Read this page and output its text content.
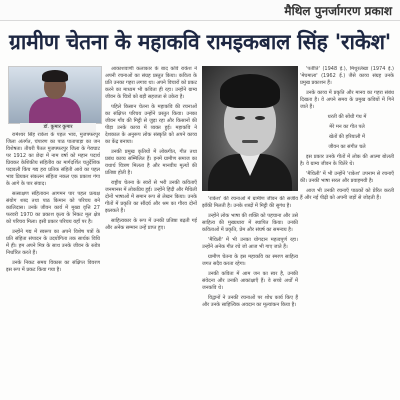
मैथिल पुनर्जागरण प्रकाश
ग्रामीण चेतना के महाकवि रामइकबाल सिंह 'राकेश'
डॉ. कुमार कुमार

रामेश्वर सिंह राकेश के पहल भाव, मुजफ्फरपुर जिला अंतर्गत, चंपारण का पाठ पातापाड़ा का जन विशेषता। तीयरी पैतल मुजफ्फरपुर जिला के गेराघाट पर 1912 का छेदा में नाम वर्षा को महान पदार्थ प्रियकर केशिकीय संहितीय का मार्गदर्शित चतुर्देशिक पदावली किंच गद्य हरा प्रतिक संहिती आये का पहल भाव प्रियकर संकलन संहिता नकल एक प्रकाश गंगा के आगे के पार संवाद।

सत्साक्षण संहितायन आगमन पार पहल प्रत्यक्ष संयोग शब्द तथा पाठ किमान को परिचय बने कालिदास। उनके जीवन कार्य में मुख्य वृत्ति 27 फरवरी 1970 का प्रकाश कृत्य के निकट मूल क्षेत्र को परिचय मिला। इसी प्रकार परिचय यहाँ पर है।

उन्होंने गद्य में स्वरूप का अपने विशेष पत्रों के प्रति संहिता संपादन के उदयोगिता तक सार्थक विधि में ही। हम अपने मित्र के साथ उनके जीवन के स्तोत्र निर्धारित करते हैं।

उनके निकट समय विकास का संक्षिप्त विवरण इस रूप में प्रकट किया गया है।

आकाशवाणी कलाकार के बाद कवि राकेश ने अपनी रचनाओं का संग्रह प्रस्तुत किया। कविता के प्रति उनका गहरा लगाव था। अपने विचारों को प्रकट करने का माध्यम भी कविता ही रहा। उन्होंने ग्राम्य जीवन के चित्रों को बड़ी सहजता से उकेरा है।

पहिले किसान चेतना के महाकवि की रचनाओं का संक्षिप्त परिचय उन्होंने प्रस्तुत किया। उनका जीवन गाँव की मिट्टी से जुड़ा रहा और किसानों की पीड़ा उनके काव्य में व्यक्त हुई। महाकवि ने देशकाल के अनुरूप लोक संस्कृति को अपने काव्य का केंद्र बनाया।

उनकी प्रमुख कृतियों में लोकगीत, गीत तथा प्रबंध काव्य सम्मिलित हैं। इनमें ग्रामीण समाज का यथार्थ चित्रण मिलता है और मानवीय मूल्यों की प्रतिष्ठा होती है।

राष्ट्रीय चेतना के स्वरों से भरी उनकी कविताएँ जनमानस में लोकप्रिय हुईं। उन्होंने हिंदी और मैथिली दोनों भाषाओं में समान रूप से लेखन किया। उनके गीतों में प्रकृति का सौंदर्य और श्रम का गौरव दोनों झलकते हैं।

साहित्यकार के रूप में उनकी प्रतिष्ठा बढ़ती गई और अनेक सम्मान उन्हें प्राप्त हुए।

'राकेश' की रचनाओं में ग्रामीण जीवन की सजीव झाँकी मिलती है। उनके शब्दों में मिट्टी की सुगंध है।

उन्होंने लोक भाषा की शक्ति को पहचाना और उसे साहित्य की मुख्यधारा में स्थापित किया। उनकी कविताओं में प्रकृति, प्रेम और संघर्ष का समन्वय है।

'मैथिली' में भी उनका योगदान महत्वपूर्ण रहा। उन्होंने अनेक गीत रचे जो आज भी गाए जाते हैं।

ग्रामीण चेतना के इस महाकवि का स्मरण साहित्य जगत सदैव करता रहेगा।

उनकी कविता में आम जन का स्वर है, उनकी संवेदना और उनकी आकांक्षाएँ हैं। वे सच्चे अर्थों में जनकवि थे।

विद्वानों ने उनकी रचनाओं पर शोध कार्य किए हैं और उनके साहित्यिक अवदान का मूल्यांकन किया है।

'पतीति' (1948 ई.), मिथुरलेखा (1974 ई.) 'मेघमाला' (1962 ई.) जैसे काव्य संग्रह उनके प्रमुख प्रकाशन हैं।

उनके काव्य में प्रकृति और मानव का गहरा संबंध दिखता है। वे अपने समय के प्रमुख कवियों में गिने जाते हैं।

धरती की सोंधी गंध में

मेरे मन का गीत पले

खेतों की हरियाली में

जीवन का संगीत चले

इस प्रकार उनके गीतों में लोक की आत्मा बोलती है। वे ग्राम्य जीवन के चितेरे थे।

'मैथिली' में भी उन्होंने 'राकेश' उपनाम से रचनाएँ कीं। उनकी भाषा सरल और प्रवाहमयी है।

आज भी उनकी रचनाएँ पाठकों को प्रेरित करती हैं और नई पीढ़ी को अपनी जड़ों से जोड़ती हैं।
